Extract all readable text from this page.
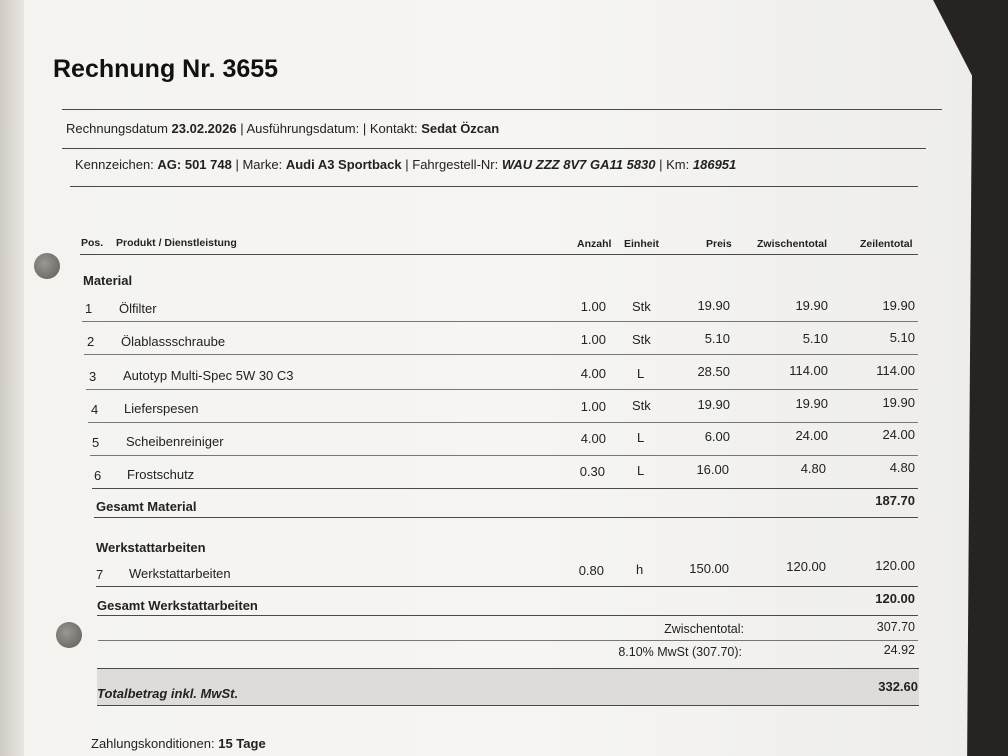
Rechnung Nr. 3655
Rechnungsdatum 23.02.2026 | Ausführungsdatum: | Kontakt: Sedat Özcan
Kennzeichen: AG: 501 748 | Marke: Audi A3 Sportback | Fahrgestell-Nr: WAU ZZZ 8V7 GA11 5830 | Km: 186951
Pos. Produkt / Dienstleistung	Anzahl Einheit	Preis Zwischentotal	Zeilentotal
Material
1 Ölfilter	1.00 Stk	19.90	19.90	19.90
2 Ölablassschraube	1.00 Stk	5.10	5.10	5.10
3 Autotyp Multi-Spec 5W 30 C3	4.00 L	28.50	114.00	114.00
4 Lieferspesen	1.00 Stk	19.90	19.90	19.90
5 Scheibenreiniger	4.00 L	6.00	24.00	24.00
6 Frostschutz	0.30 L	16.00	4.80	4.80
Gesamt Material	187.70
Werkstattarbeiten
7 Werkstattarbeiten	0.80 h	150.00	120.00	120.00
Gesamt Werkstattarbeiten	120.00
Zwischentotal:	307.70
8.10% MwSt (307.70):	24.92
Totalbetrag inkl. MwSt.	332.60
Zahlungskonditionen: 15 Tage
